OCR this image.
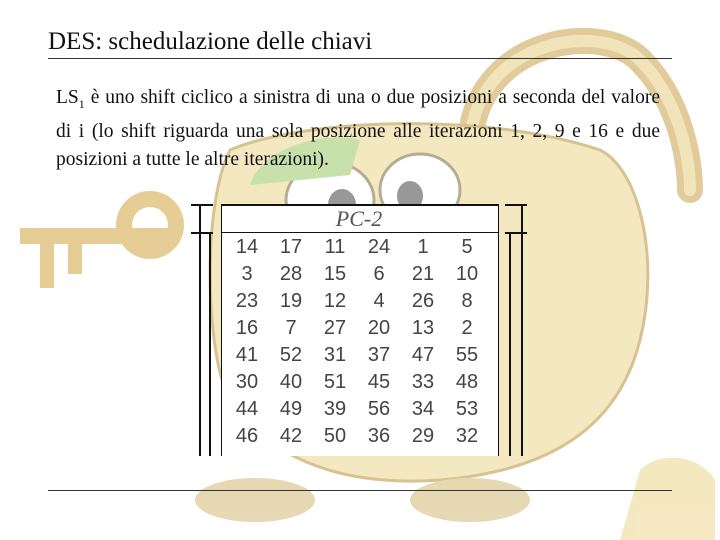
DES: schedulazione delle chiavi
$LS_1$ è uno shift ciclico a sinistra di una o due posizioni a seconda del valore di i (lo shift riguarda una sola posizione alle iterazioni 1, 2, 9 e 16 e due posizioni a tutte le altre iterazioni).
PC-2
14	17	11	24	1	5
3	28	15	6	21	10
23	19	12	4	26	8
16	7	27	20	13	2
41	52	31	37	47	55
30	40	51	45	33	48
44	49	39	56	34	53
46	42	50	36	29	32
